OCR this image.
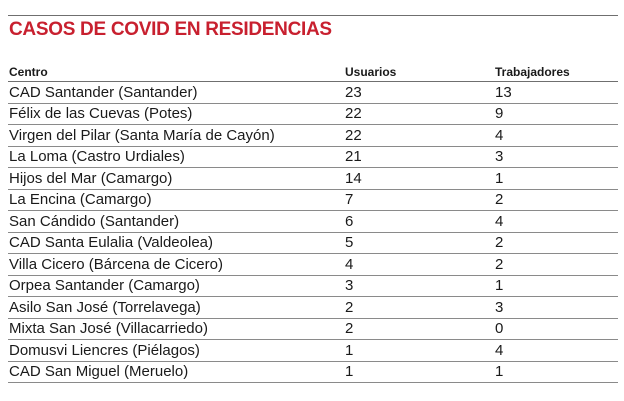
CASOS DE COVID EN RESIDENCIAS
Centro	Usuarios	Trabajadores
CAD Santander (Santander)	23	13
Félix de las Cuevas (Potes)	22	9
Virgen del Pilar (Santa María de Cayón)	22	4
La Loma (Castro Urdiales)	21	3
Hijos del Mar (Camargo)	14	1
La Encina (Camargo)	7	2
San Cándido (Santander)	6	4
CAD Santa Eulalia (Valdeolea)	5	2
Villa Cicero (Bárcena de Cicero)	4	2
Orpea Santander (Camargo)	3	1
Asilo San José (Torrelavega)	2	3
Mixta San José (Villacarriedo)	2	0
Domusvi Liencres (Piélagos)	1	4
CAD San Miguel (Meruelo)	1	1
